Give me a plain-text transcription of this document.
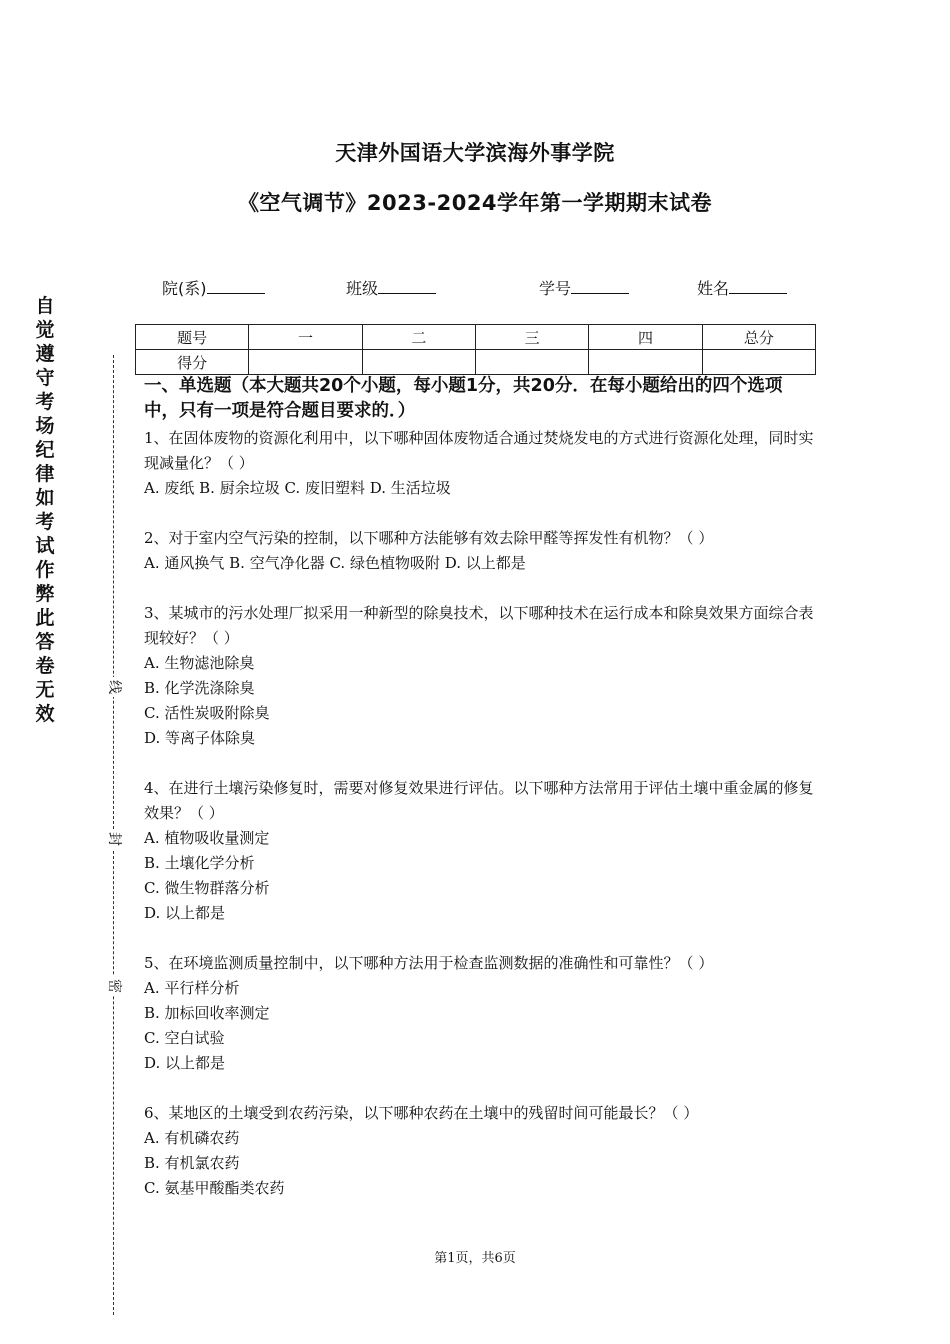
天津外国语大学滨海外事学院
《空气调节》2023-2024学年第一学期期末试卷
院(系)	班级	学号	姓名
题号	一	二	三	四	总分
得分					
自觉遵守考场纪律如考试作弊此答卷无效
线
封
密

一、单选题（本大题共20个小题，每小题1分，共20分．在每小题给出的四个选项中，只有一项是符合题目要求的．）

1、在固体废物的资源化利用中，以下哪种固体废物适合通过焚烧发电的方式进行资源化处理，同时实现减量化？（ ）

A. 废纸 B. 厨余垃圾 C. 废旧塑料 D. 生活垃圾

2、对于室内空气污染的控制，以下哪种方法能够有效去除甲醛等挥发性有机物？（ ）

A. 通风换气 B. 空气净化器 C. 绿色植物吸附 D. 以上都是

3、某城市的污水处理厂拟采用一种新型的除臭技术，以下哪种技术在运行成本和除臭效果方面综合表现较好？（ ）

A. 生物滤池除臭

B. 化学洗涤除臭

C. 活性炭吸附除臭

D. 等离子体除臭

4、在进行土壤污染修复时，需要对修复效果进行评估。以下哪种方法常用于评估土壤中重金属的修复效果？（ ）

A. 植物吸收量测定

B. 土壤化学分析

C. 微生物群落分析

D. 以上都是

5、在环境监测质量控制中，以下哪种方法用于检查监测数据的准确性和可靠性？（ ）

A. 平行样分析

B. 加标回收率测定

C. 空白试验

D. 以上都是

6、某地区的土壤受到农药污染，以下哪种农药在土壤中的残留时间可能最长？（ ）

A. 有机磷农药

B. 有机氯农药

C. 氨基甲酸酯类农药

第1页，共6页
